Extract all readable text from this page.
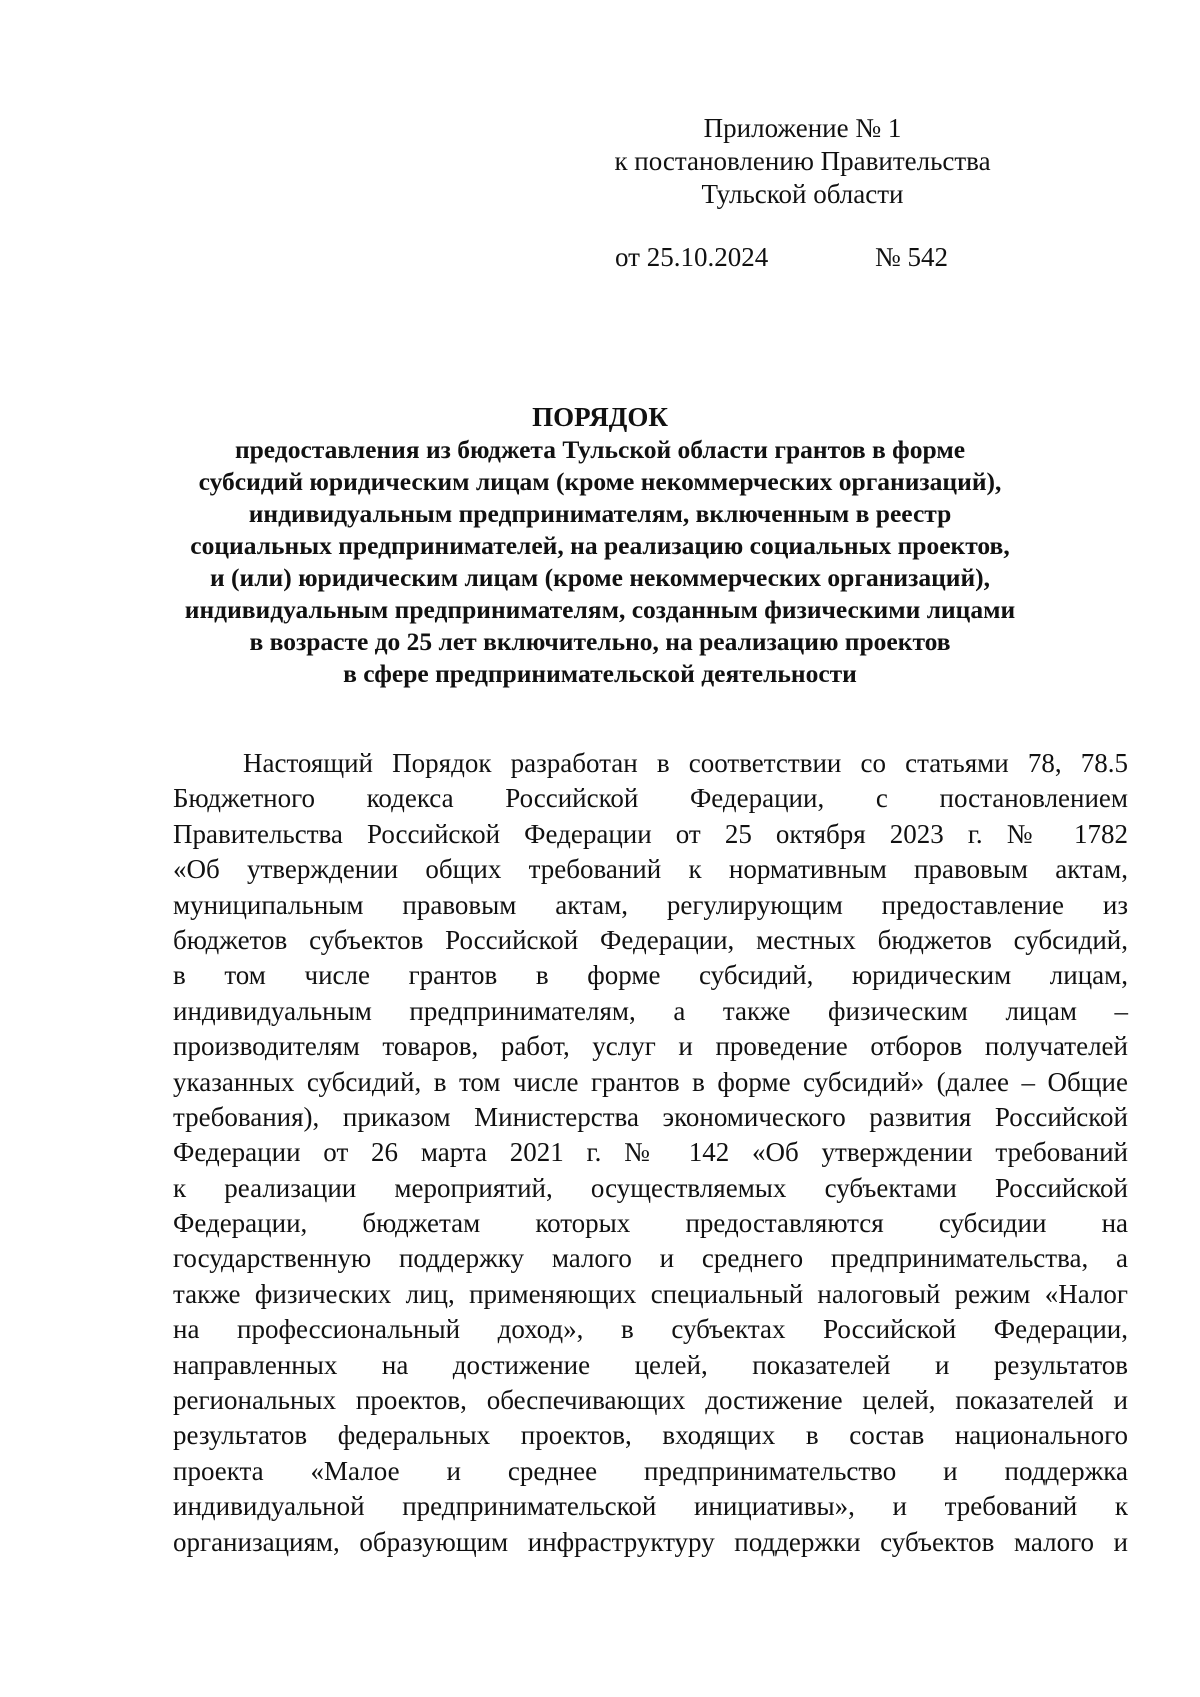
Приложение № 1
к постановлению Правительства
Тульской области
от 25.10.2024	№ 542
ПОРЯДОК
предоставления из бюджета Тульской области грантов в форме
субсидий юридическим лицам (кроме некоммерческих организаций),
индивидуальным предпринимателям, включенным в реестр
социальных предпринимателей, на реализацию социальных проектов,
и (или) юридическим лицам (кроме некоммерческих организаций),
индивидуальным предпринимателям, созданным физическими лицами
в возрасте до 25 лет включительно, на реализацию проектов
в сфере предпринимательской деятельности
Настоящий Порядок разработан в соответствии со статьями 78, 78.5
Бюджетного кодекса Российской Федерации, с постановлением
Правительства Российской Федерации от 25 октября 2023 г. № 1782
«Об утверждении общих требований к нормативным правовым актам,
муниципальным правовым актам, регулирующим предоставление из
бюджетов субъектов Российской Федерации, местных бюджетов субсидий,
в том числе грантов в форме субсидий, юридическим лицам,
индивидуальным предпринимателям, а также физическим лицам –
производителям товаров, работ, услуг и проведение отборов получателей
указанных субсидий, в том числе грантов в форме субсидий» (далее – Общие
требования), приказом Министерства экономического развития Российской
Федерации от 26 марта 2021 г. № 142 «Об утверждении требований
к реализации мероприятий, осуществляемых субъектами Российской
Федерации, бюджетам которых предоставляются субсидии на
государственную поддержку малого и среднего предпринимательства, а
также физических лиц, применяющих специальный налоговый режим «Налог
на профессиональный доход», в субъектах Российской Федерации,
направленных на достижение целей, показателей и результатов
региональных проектов, обеспечивающих достижение целей, показателей и
результатов федеральных проектов, входящих в состав национального
проекта «Малое и среднее предпринимательство и поддержка
индивидуальной предпринимательской инициативы», и требований к
организациям, образующим инфраструктуру поддержки субъектов малого и
